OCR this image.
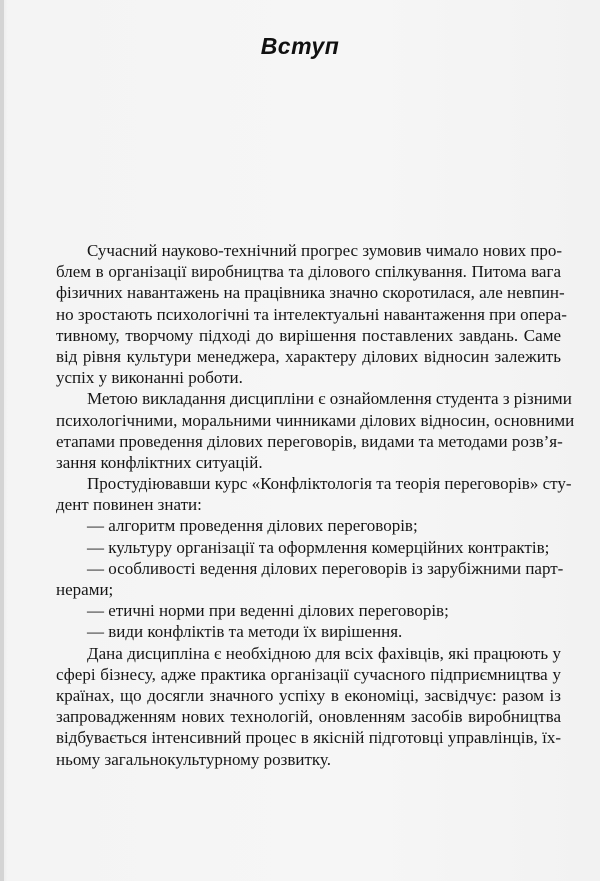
Вступ
Сучасний науково-технічний прогрес зумовив чимало нових про-
блем в організації виробництва та ділового спілкування. Питома вага
фізичних навантажень на працівника значно скоротилася, але невпин-
но зростають психологічні та інтелектуальні навантаження при опера-
тивному, творчому підході до вирішення поставлених завдань. Саме
від рівня культури менеджера, характеру ділових відносин залежить
успіх у виконанні роботи.
Метою викладання дисципліни є ознайомлення студента з різними
психологічними, моральними чинниками ділових відносин, основними
етапами проведення ділових переговорів, видами та методами розв’я-
зання конфліктних ситуацій.
Простудіювавши курс «Конфліктологія та теорія переговорів» сту-
дент повинен знати:
— алгоритм проведення ділових переговорів;
— культуру організації та оформлення комерційних контрактів;
— особливості ведення ділових переговорів із зарубіжними парт-
нерами;
— етичні норми при веденні ділових переговорів;
— види конфліктів та методи їх вирішення.
Дана дисципліна є необхідною для всіх фахівців, які працюють у
сфері бізнесу, адже практика організації сучасного підприємництва у
країнах, що досягли значного успіху в економіці, засвідчує: разом із
запровадженням нових технологій, оновленням засобів виробництва
відбувається інтенсивний процес в якісній підготовці управлінців, їх-
ньому загальнокультурному розвитку.
